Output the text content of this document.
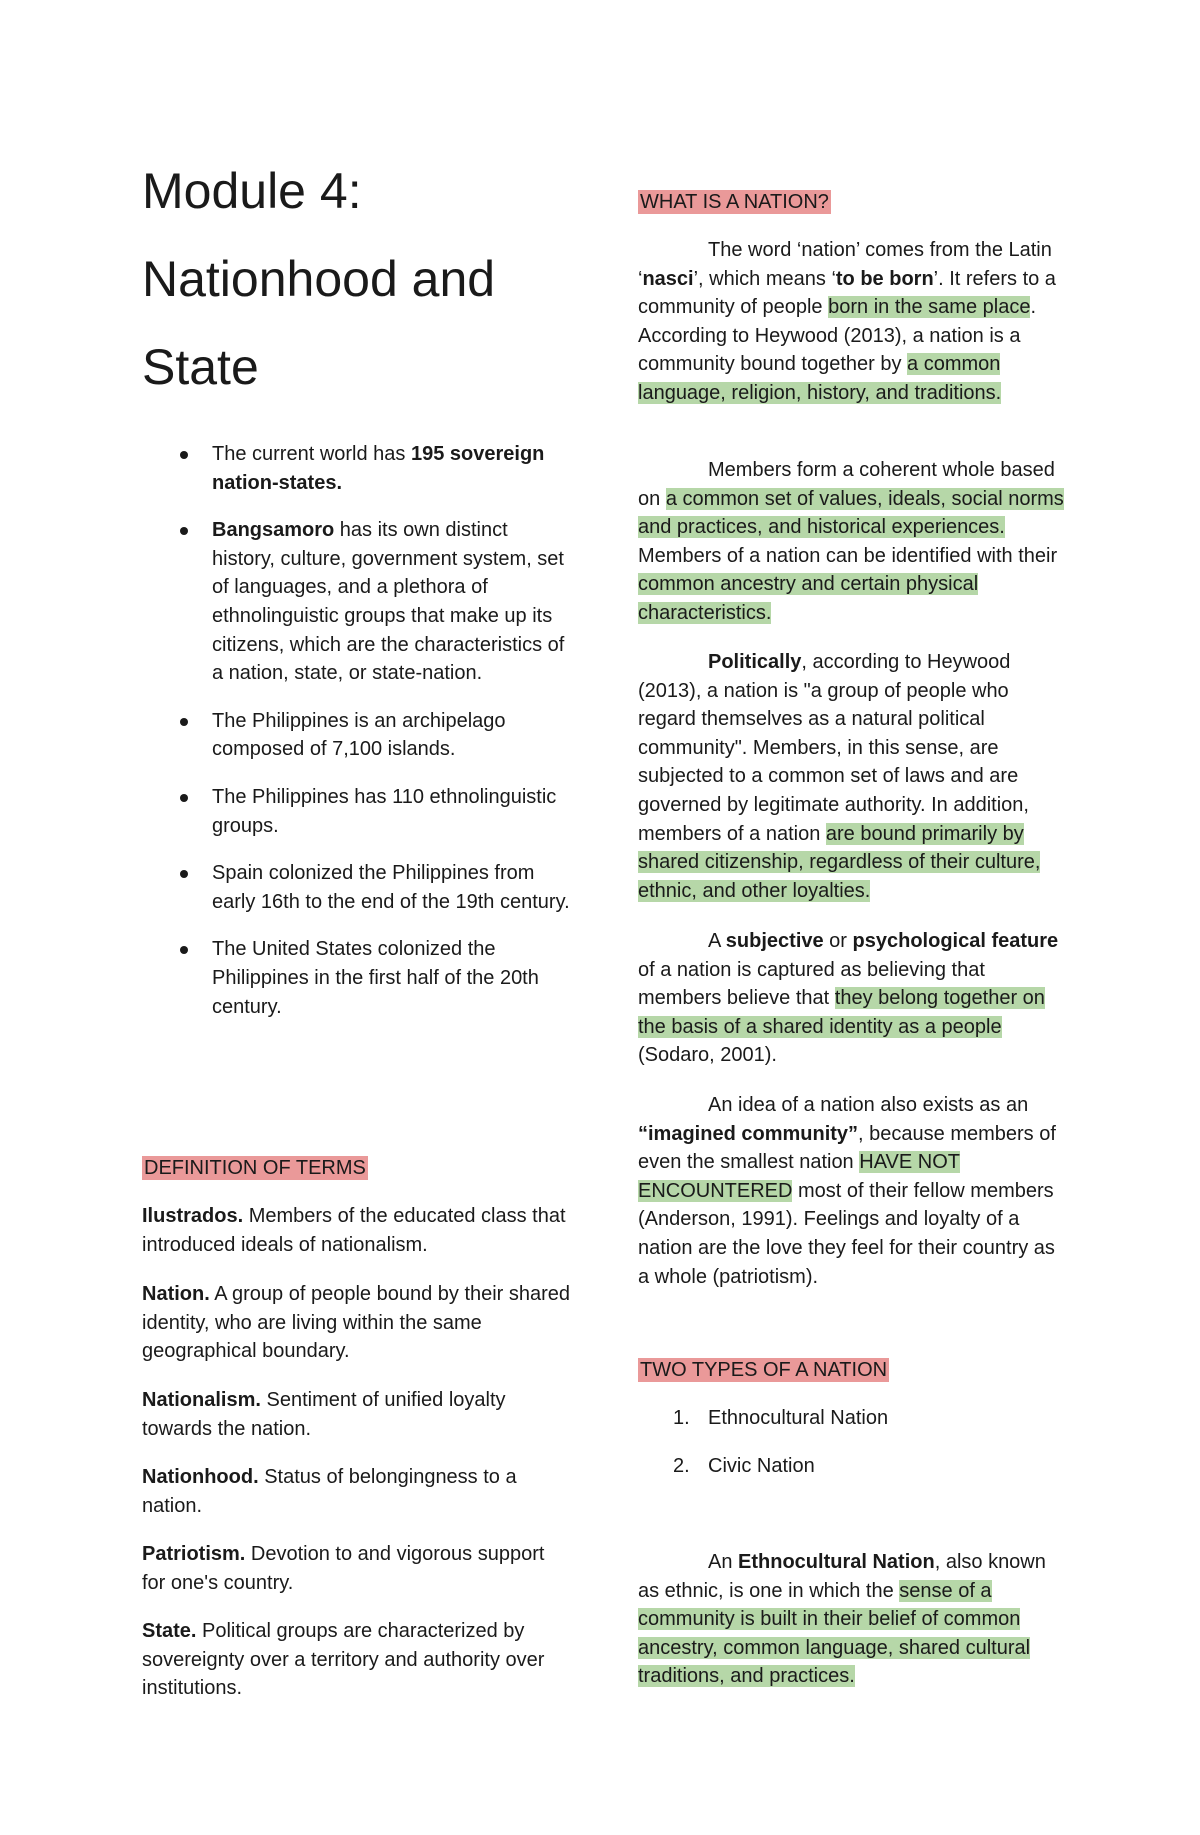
Module 4:
Nationhood and
State
The current world has 195 sovereign nation-states.
Bangsamoro has its own distinct history, culture, government system, set of languages, and a plethora of ethnolinguistic groups that make up its citizens, which are the characteristics of a nation, state, or state-nation.
The Philippines is an archipelago composed of 7,100 islands.
The Philippines has 110 ethnolinguistic groups.
Spain colonized the Philippines from early 16th to the end of the 19th century.
The United States colonized the Philippines in the first half of the 20th century.
DEFINITION OF TERMS

Ilustrados. Members of the educated class that introduced ideals of nationalism.

Nation. A group of people bound by their shared identity, who are living within the same geographical boundary.

Nationalism. Sentiment of unified loyalty towards the nation.

Nationhood. Status of belongingness to a nation.

Patriotism. Devotion to and vigorous support for one's country.

State. Political groups are characterized by sovereignty over a territory and authority over institutions.

WHAT IS A NATION?

The word ‘nation’ comes from the Latin ‘nasci’, which means ‘to be born’. It refers to a community of people born in the same place. According to Heywood (2013), a nation is a community bound together by a common language, religion, history, and traditions.

Members form a coherent whole based on a common set of values, ideals, social norms and practices, and historical experiences. Members of a nation can be identified with their common ancestry and certain physical characteristics.

Politically, according to Heywood (2013), a nation is "a group of people who regard themselves as a natural political community". Members, in this sense, are subjected to a common set of laws and are governed by legitimate authority. In addition, members of a nation are bound primarily by shared citizenship, regardless of their culture, ethnic, and other loyalties.

A subjective or psychological feature of a nation is captured as believing that members believe that they belong together on the basis of a shared identity as a people (Sodaro, 2001).

An idea of a nation also exists as an “imagined community”, because members of even the smallest nation HAVE NOT ENCOUNTERED most of their fellow members (Anderson, 1991). Feelings and loyalty of a nation are the love they feel for their country as a whole (patriotism).

TWO TYPES OF A NATION
1. Ethnocultural Nation
2. Civic Nation

An Ethnocultural Nation, also known as ethnic, is one in which the sense of a community is built in their belief of common ancestry, common language, shared cultural traditions, and practices.
